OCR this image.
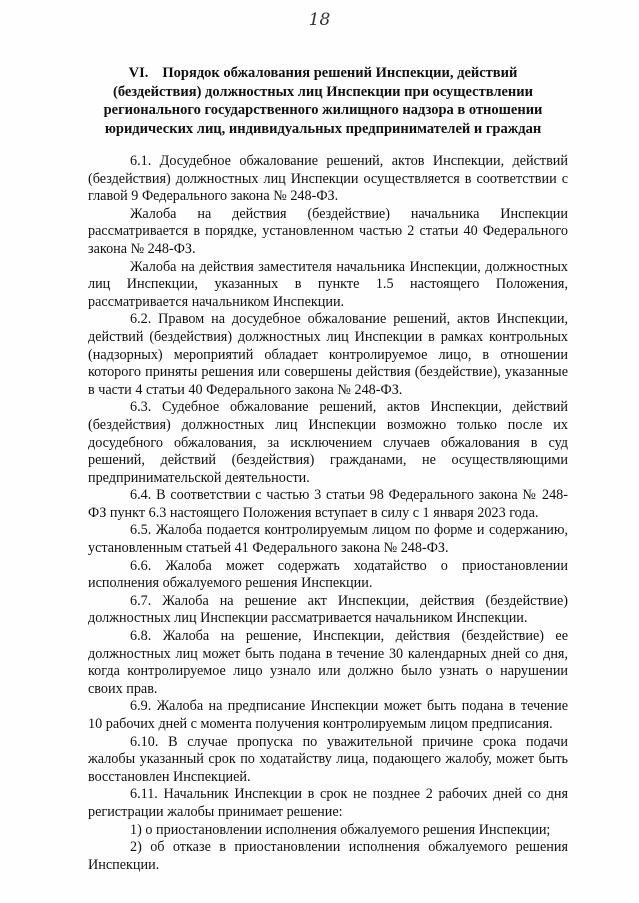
18
VI. Порядок обжалования решений Инспекции, действий (бездействия) должностных лиц Инспекции при осуществлении регионального государственного жилищного надзора в отношении юридических лиц, индивидуальных предпринимателей и граждан

6.1. Досудебное обжалование решений, актов Инспекции, действий (бездействия) должностных лиц Инспекции осуществляется в соответствии с главой 9 Федерального закона № 248-ФЗ.

Жалоба на действия (бездействие) начальника Инспекции рассматривается в порядке, установленном частью 2 статьи 40 Федерального закона № 248-ФЗ.

Жалоба на действия заместителя начальника Инспекции, должностных лиц Инспекции, указанных в пункте 1.5 настоящего Положения, рассматривается начальником Инспекции.

6.2. Правом на досудебное обжалование решений, актов Инспекции, действий (бездействия) должностных лиц Инспекции в рамках контрольных (надзорных) мероприятий обладает контролируемое лицо, в отношении которого приняты решения или совершены действия (бездействие), указанные в части 4 статьи 40 Федерального закона № 248-ФЗ.

6.3. Судебное обжалование решений, актов Инспекции, действий (бездействия) должностных лиц Инспекции возможно только после их досудебного обжалования, за исключением случаев обжалования в суд решений, действий (бездействия) гражданами, не осуществляющими предпринимательской деятельности.

6.4. В соответствии с частью 3 статьи 98 Федерального закона № 248-ФЗ пункт 6.3 настоящего Положения вступает в силу с 1 января 2023 года.

6.5. Жалоба подается контролируемым лицом по форме и содержанию, установленным статьей 41 Федерального закона № 248-ФЗ.

6.6. Жалоба может содержать ходатайство о приостановлении исполнения обжалуемого решения Инспекции.

6.7. Жалоба на решение акт Инспекции, действия (бездействие) должностных лиц Инспекции рассматривается начальником Инспекции.

6.8. Жалоба на решение, Инспекции, действия (бездействие) ее должностных лиц может быть подана в течение 30 календарных дней со дня, когда контролируемое лицо узнало или должно было узнать о нарушении своих прав.

6.9. Жалоба на предписание Инспекции может быть подана в течение 10 рабочих дней с момента получения контролируемым лицом предписания.

6.10. В случае пропуска по уважительной причине срока подачи жалобы указанный срок по ходатайству лица, подающего жалобу, может быть восстановлен Инспекцией.

6.11. Начальник Инспекции в срок не позднее 2 рабочих дней со дня регистрации жалобы принимает решение:

1) о приостановлении исполнения обжалуемого решения Инспекции;

2) об отказе в приостановлении исполнения обжалуемого решения Инспекции.
